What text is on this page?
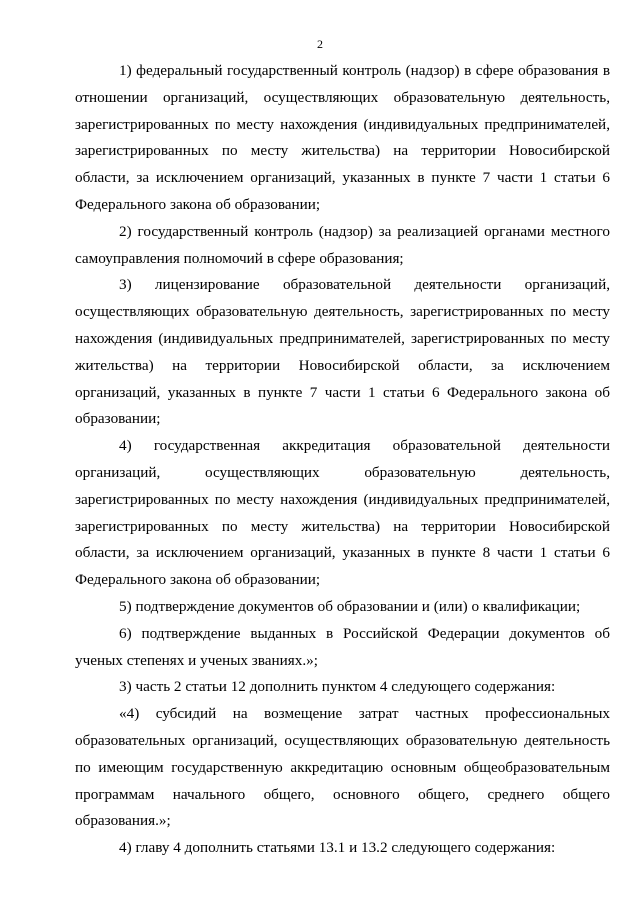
2

1) федеральный государственный контроль (надзор) в сфере образования в отношении организаций, осуществляющих образовательную деятельность, зарегистрированных по месту нахождения (индивидуальных предпринимателей, зарегистрированных по месту жительства) на территории Новосибирской области, за исключением организаций, указанных в пункте 7 части 1 статьи 6 Федерального закона об образовании;

2) государственный контроль (надзор) за реализацией органами местного самоуправления полномочий в сфере образования;

3) лицензирование образовательной деятельности организаций, осуществляющих образовательную деятельность, зарегистрированных по месту нахождения (индивидуальных предпринимателей, зарегистрированных по месту жительства) на территории Новосибирской области, за исключением организаций, указанных в пункте 7 части 1 статьи 6 Федерального закона об образовании;

4) государственная аккредитация образовательной деятельности организаций, осуществляющих образовательную деятельность, зарегистрированных по месту нахождения (индивидуальных предпринимателей, зарегистрированных по месту жительства) на территории Новосибирской области, за исключением организаций, указанных в пункте 8 части 1 статьи 6 Федерального закона об образовании;

5) подтверждение документов об образовании и (или) о квалификации;

6) подтверждение выданных в Российской Федерации документов об ученых степенях и ученых званиях.»;

3) часть 2 статьи 12 дополнить пунктом 4 следующего содержания:

«4) субсидий на возмещение затрат частных профессиональных образовательных организаций, осуществляющих образовательную деятельность по имеющим государственную аккредитацию основным общеобразовательным программам начального общего, основного общего, среднего общего образования.»;

4) главу 4 дополнить статьями 13.1 и 13.2 следующего содержания:
